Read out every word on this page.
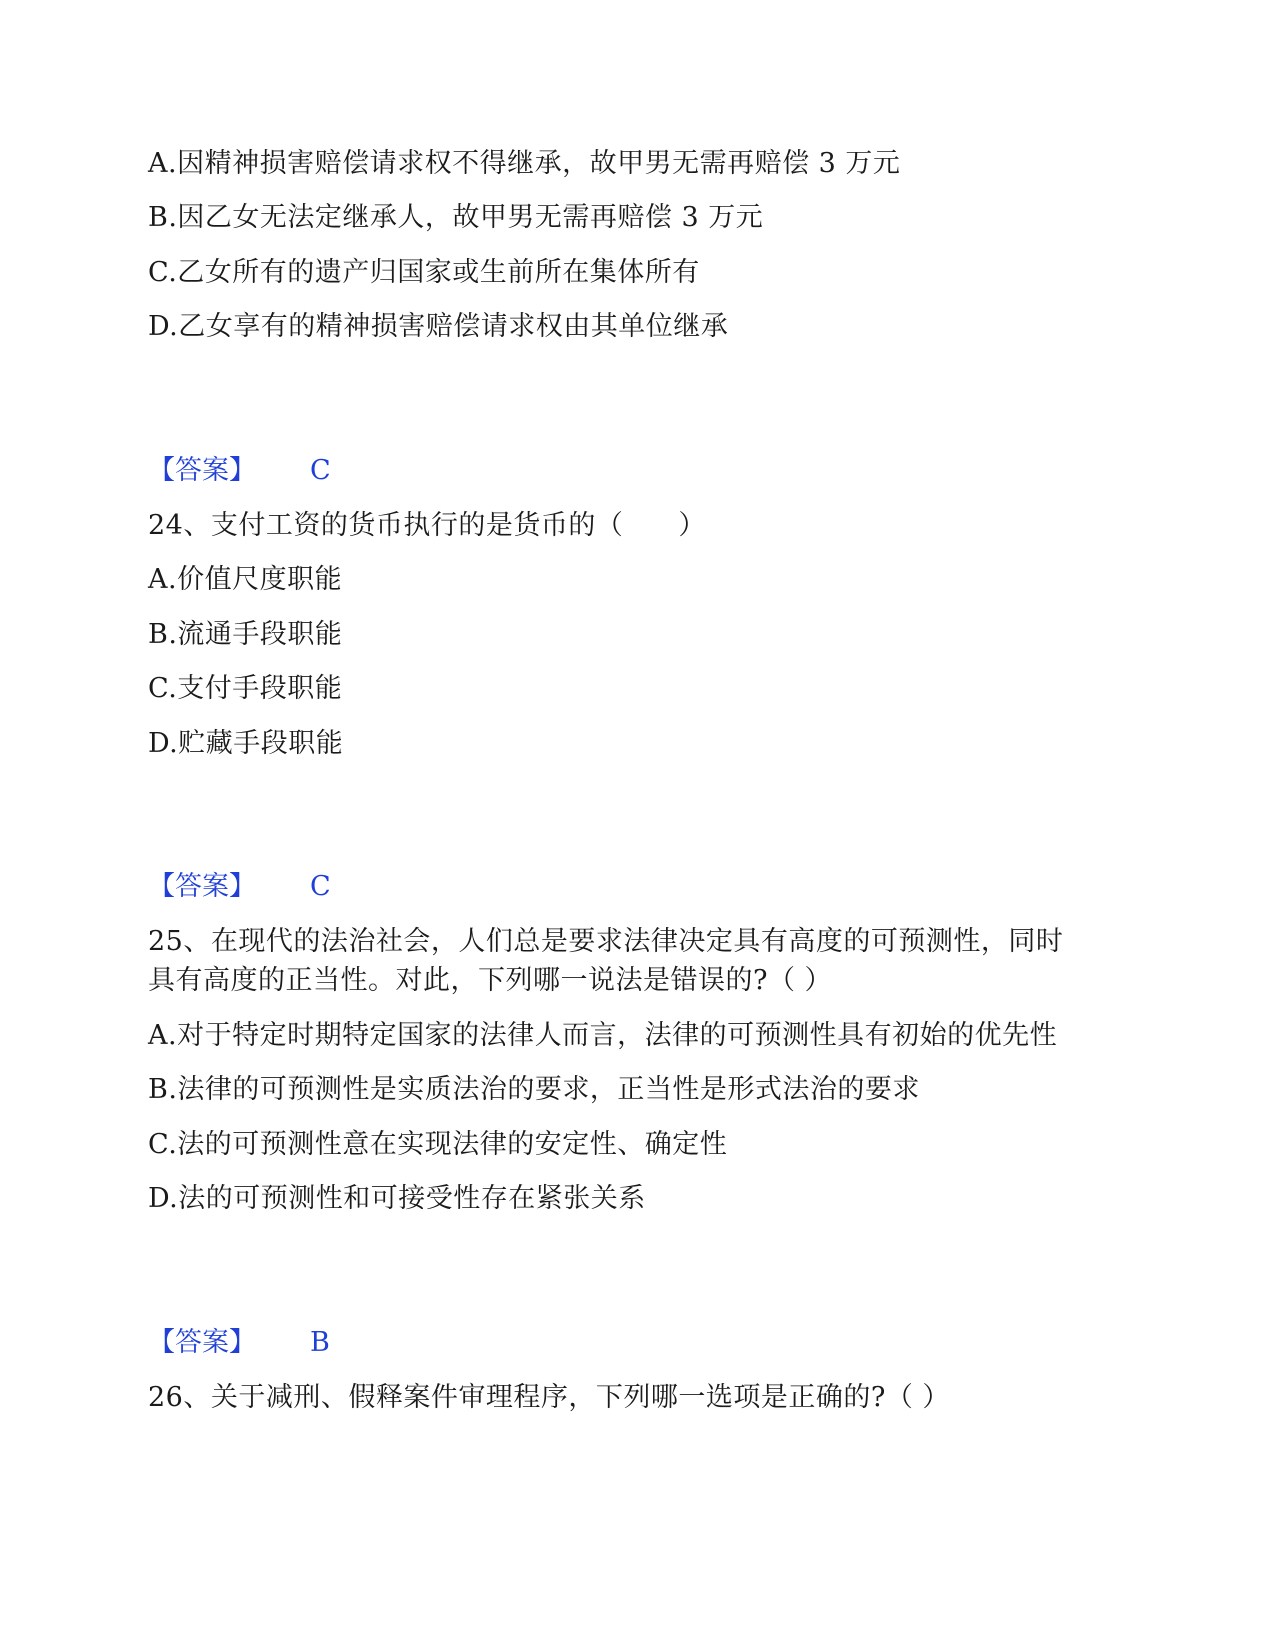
A.因精神损害赔偿请求权不得继承，故甲男无需再赔偿 3 万元
B.因乙女无法定继承人，故甲男无需再赔偿 3 万元
C.乙女所有的遗产归国家或生前所在集体所有
D.乙女享有的精神损害赔偿请求权由其单位继承
【答案】 C
24、支付工资的货币执行的是货币的（　　）
A.价值尺度职能
B.流通手段职能
C.支付手段职能
D.贮藏手段职能
【答案】 C
25、在现代的法治社会，人们总是要求法律决定具有高度的可预测性，同时
具有高度的正当性。对此，下列哪一说法是错误的?（ ）
A.对于特定时期特定国家的法律人而言，法律的可预测性具有初始的优先性
B.法律的可预测性是实质法治的要求，正当性是形式法治的要求
C.法的可预测性意在实现法律的安定性、确定性
D.法的可预测性和可接受性存在紧张关系
【答案】 B
26、关于减刑、假释案件审理程序，下列哪一选项是正确的?（ ）
